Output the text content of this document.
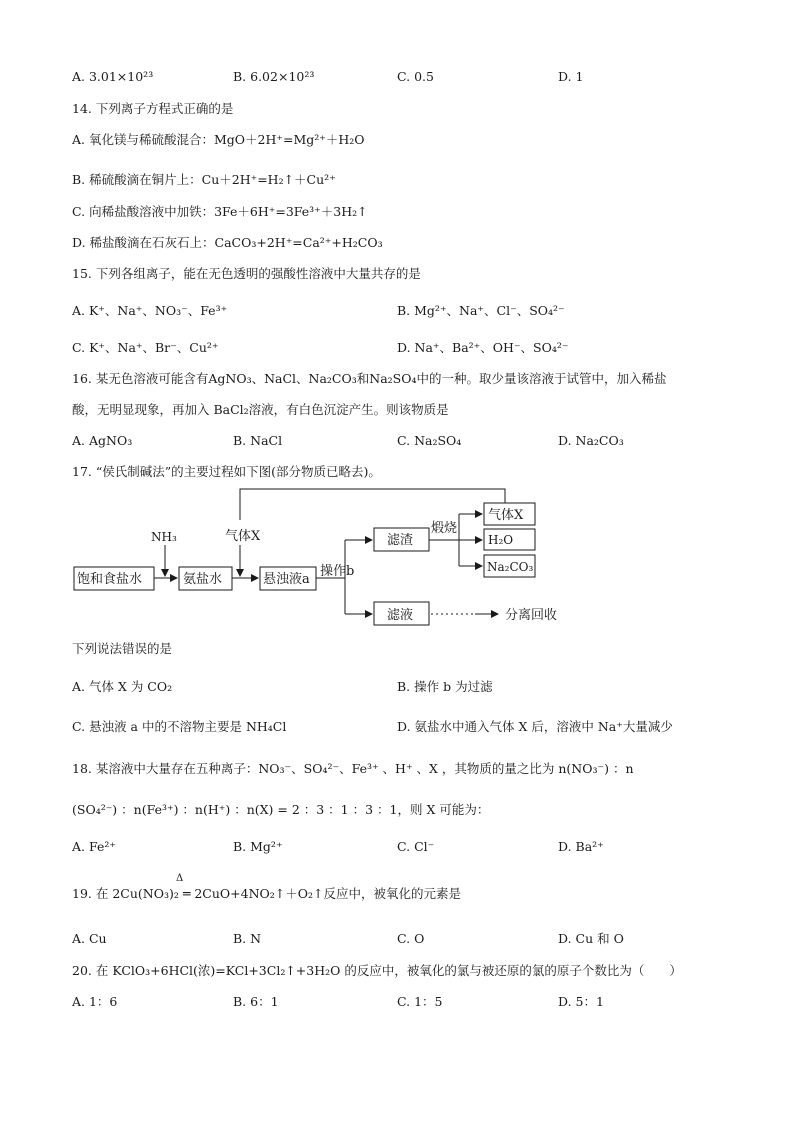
A. 3.01×10²³	B. 6.02×10²³	C. 0.5	D. 1
14. 下列离子方程式正确的是
A. 氧化镁与稀硫酸混合：MgO＋2H⁺=Mg²⁺＋H₂O
B. 稀硫酸滴在铜片上：Cu＋2H⁺=H₂↑＋Cu²⁺
C. 向稀盐酸溶液中加铁：3Fe＋6H⁺=3Fe³⁺＋3H₂↑
D. 稀盐酸滴在石灰石上：CaCO₃+2H⁺=Ca²⁺+H₂CO₃
15. 下列各组离子，能在无色透明的强酸性溶液中大量共存的是
A. K⁺、Na⁺、NO₃⁻、Fe³⁺	B. Mg²⁺、Na⁺、Cl⁻、SO₄²⁻
C. K⁺、Na⁺、Br⁻、Cu²⁺	D. Na⁺、Ba²⁺、OH⁻、SO₄²⁻
16. 某无色溶液可能含有AgNO₃、NaCl、Na₂CO₃和Na₂SO₄中的一种。取少量该溶液于试管中，加入稀盐
酸，无明显现象，再加入 BaCl₂溶液，有白色沉淀产生。则该物质是
A. AgNO₃	B. NaCl	C. Na₂SO₄	D. Na₂CO₃
17. “侯氏制碱法”的主要过程如下图(部分物质已略去)。
饱和食盐水	氨盐水	悬浊液a
滤渣
滤液
气体X
H₂O
Na₂CO₃
NH₃	气体X
操作b
煅烧
分离回收
下列说法错误的是
A. 气体 X 为 CO₂	B. 操作 b 为过滤
C. 悬浊液 a 中的不溶物主要是 NH₄Cl	D. 氨盐水中通入气体 X 后，溶液中 Na⁺大量减少
18. 某溶液中大量存在五种离子：NO₃⁻、SO₄²⁻、Fe³⁺ 、H⁺ 、X ，其物质的量之比为 n(NO₃⁻) ：n
(SO₄²⁻) ：n(Fe³⁺) ：n(H⁺) ：n(X) = 2 ：3 ：1 ：3 ：1，则 X 可能为：
A. Fe²⁺	B. Mg²⁺	C. Cl⁻	D. Ba²⁺
Δ
19. 在 2Cu(NO₃)₂ ═ 2CuO+4NO₂↑＋O₂↑反应中，被氧化的元素是
A. Cu	B. N	C. O	D. Cu 和 O
20. 在 KClO₃+6HCl(浓)=KCl+3Cl₂↑+3H₂O 的反应中，被氧化的氯与被还原的氯的原子个数比为（　　）
A. 1：6	B. 6：1	C. 1：5	D. 5：1
